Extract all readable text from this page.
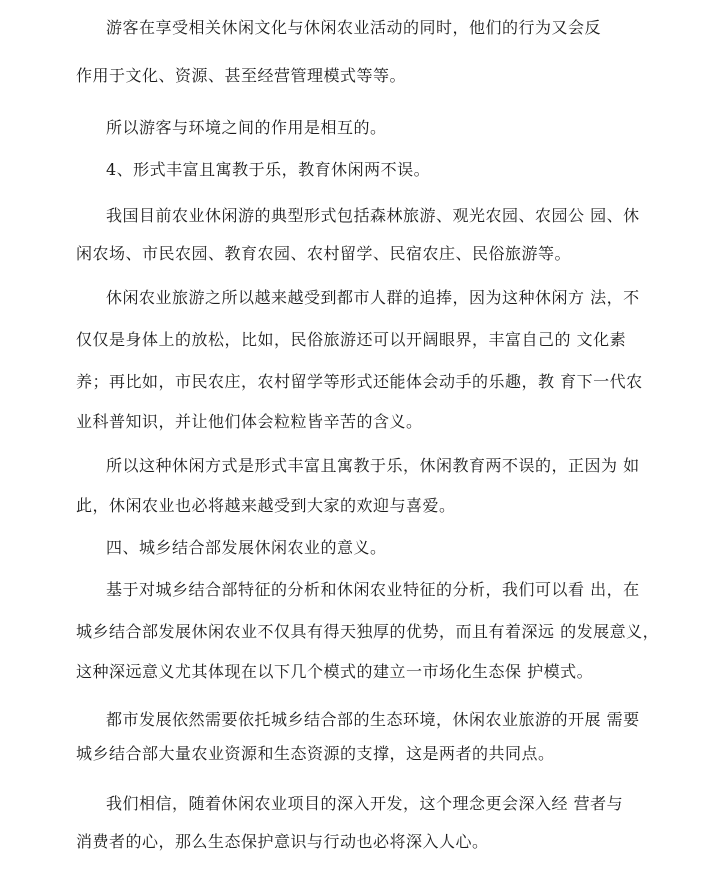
游客在享受相关休闲文化与休闲农业活动的同时，他们的行为又会反
作用于文化、资源、甚至经营管理模式等等。
所以游客与环境之间的作用是相互的。
4、形式丰富且寓教于乐，教育休闲两不误。
我国目前农业休闲游的典型形式包括森林旅游、观光农园、农园公 园、休
闲农场、市民农园、教育农园、农村留学、民宿农庄、民俗旅游等。
休闲农业旅游之所以越来越受到都市人群的追捧，因为这种休闲方 法，不
仅仅是身体上的放松，比如，民俗旅游还可以开阔眼界，丰富自己的 文化素
养；再比如，市民农庄，农村留学等形式还能体会动手的乐趣，教 育下一代农
业科普知识，并让他们体会粒粒皆辛苦的含义。
所以这种休闲方式是形式丰富且寓教于乐，休闲教育两不误的，正因为 如
此，休闲农业也必将越来越受到大家的欢迎与喜爱。
四、城乡结合部发展休闲农业的意义。
基于对城乡结合部特征的分析和休闲农业特征的分析，我们可以看 出，在
城乡结合部发展休闲农业不仅具有得天独厚的优势，而且有着深远 的发展意义，
这种深远意义尤其体现在以下几个模式的建立一市场化生态保 护模式。
都市发展依然需要依托城乡结合部的生态环境，休闲农业旅游的开展 需要
城乡结合部大量农业资源和生态资源的支撑，这是两者的共同点。
我们相信，随着休闲农业项目的深入开发，这个理念更会深入经 营者与
消费者的心，那么生态保护意识与行动也必将深入人心。
